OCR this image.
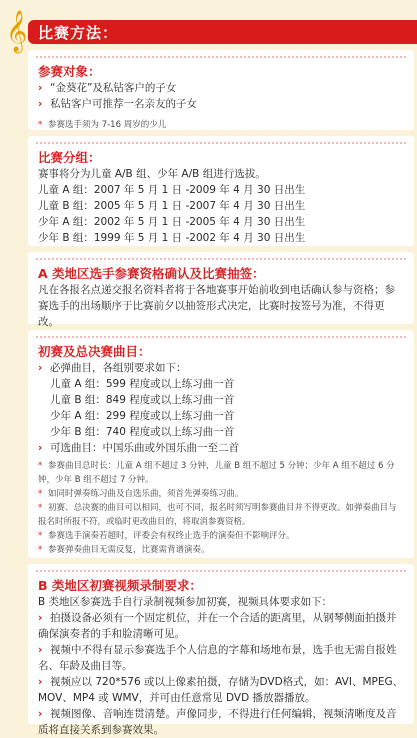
𝄞 比赛方法：
参赛对象：
› “金葵花”及私钻客户的子女
› 私钻客户可推荐一名亲友的子女
* 参赛选手须为 7-16 周岁的少儿
比赛分组：
赛事将分为儿童 A/B 组、少年 A/B 组进行选拔。
儿童 A 组：2007 年 5 月 1 日 -2009 年 4 月 30 日出生
儿童 B 组：2005 年 5 月 1 日 -2007 年 4 月 30 日出生
少年 A 组：2002 年 5 月 1 日 -2005 年 4 月 30 日出生
少年 B 组：1999 年 5 月 1 日 -2002 年 4 月 30 日出生
A 类地区选手参赛资格确认及比赛抽签：
凡在各报名点递交报名资料者将于各地赛事开始前收到电话确认参与资格；参赛选手的出场顺序于比赛前夕以抽签形式决定，比赛时按签号为准，不得更改。
初赛及总决赛曲目：
› 必弹曲目，各组别要求如下：
儿童 A 组：599 程度或以上练习曲一首
儿童 B 组：849 程度或以上练习曲一首
少年 A 组：299 程度或以上练习曲一首
少年 B 组：740 程度或以上练习曲一首
› 可选曲目：中国乐曲或外国乐曲一至二首
* 参赛曲目总时长：儿童 A 组不超过 3 分钟，儿童 B 组不超过 5 分钟；少年 A 组不超过 6 分钟，少年 B 组不超过 7 分钟。
* 如同时弹奏练习曲及自选乐曲，须首先弹奏练习曲。
* 初赛、总决赛的曲目可以相同，也可不同，报名时须写明参赛曲目并不得更改。如弹奏曲目与报名时所报不符，或临时更改曲目的，将取消参赛资格。
* 参赛选手演奏若超时，评委会有权终止选手的演奏但不影响评分。
* 参赛弹奏曲目无需反复，比赛需背谱演奏。
B 类地区初赛视频录制要求：
B 类地区参赛选手自行录制视频参加初赛，视频具体要求如下：
› 拍摄设备必须有一个固定机位，并在一个合适的距离里，从钢琴侧面拍摄并确保演奏者的手和脸清晰可见。
› 视频中不得有显示参赛选手个人信息的字幕和场地布景，选手也无需自报姓名、年龄及曲目等。
› 视频应以 720*576 或以上像素拍摄，存储为DVD格式，如：AVI、MPEG、MOV、MP4 或 WMV，并可由任意常见 DVD 播放器播放。
› 视频图像、音响连贯清楚。声像同步，不得进行任何编辑，视频清晰度及音质将直接关系到参赛效果。
